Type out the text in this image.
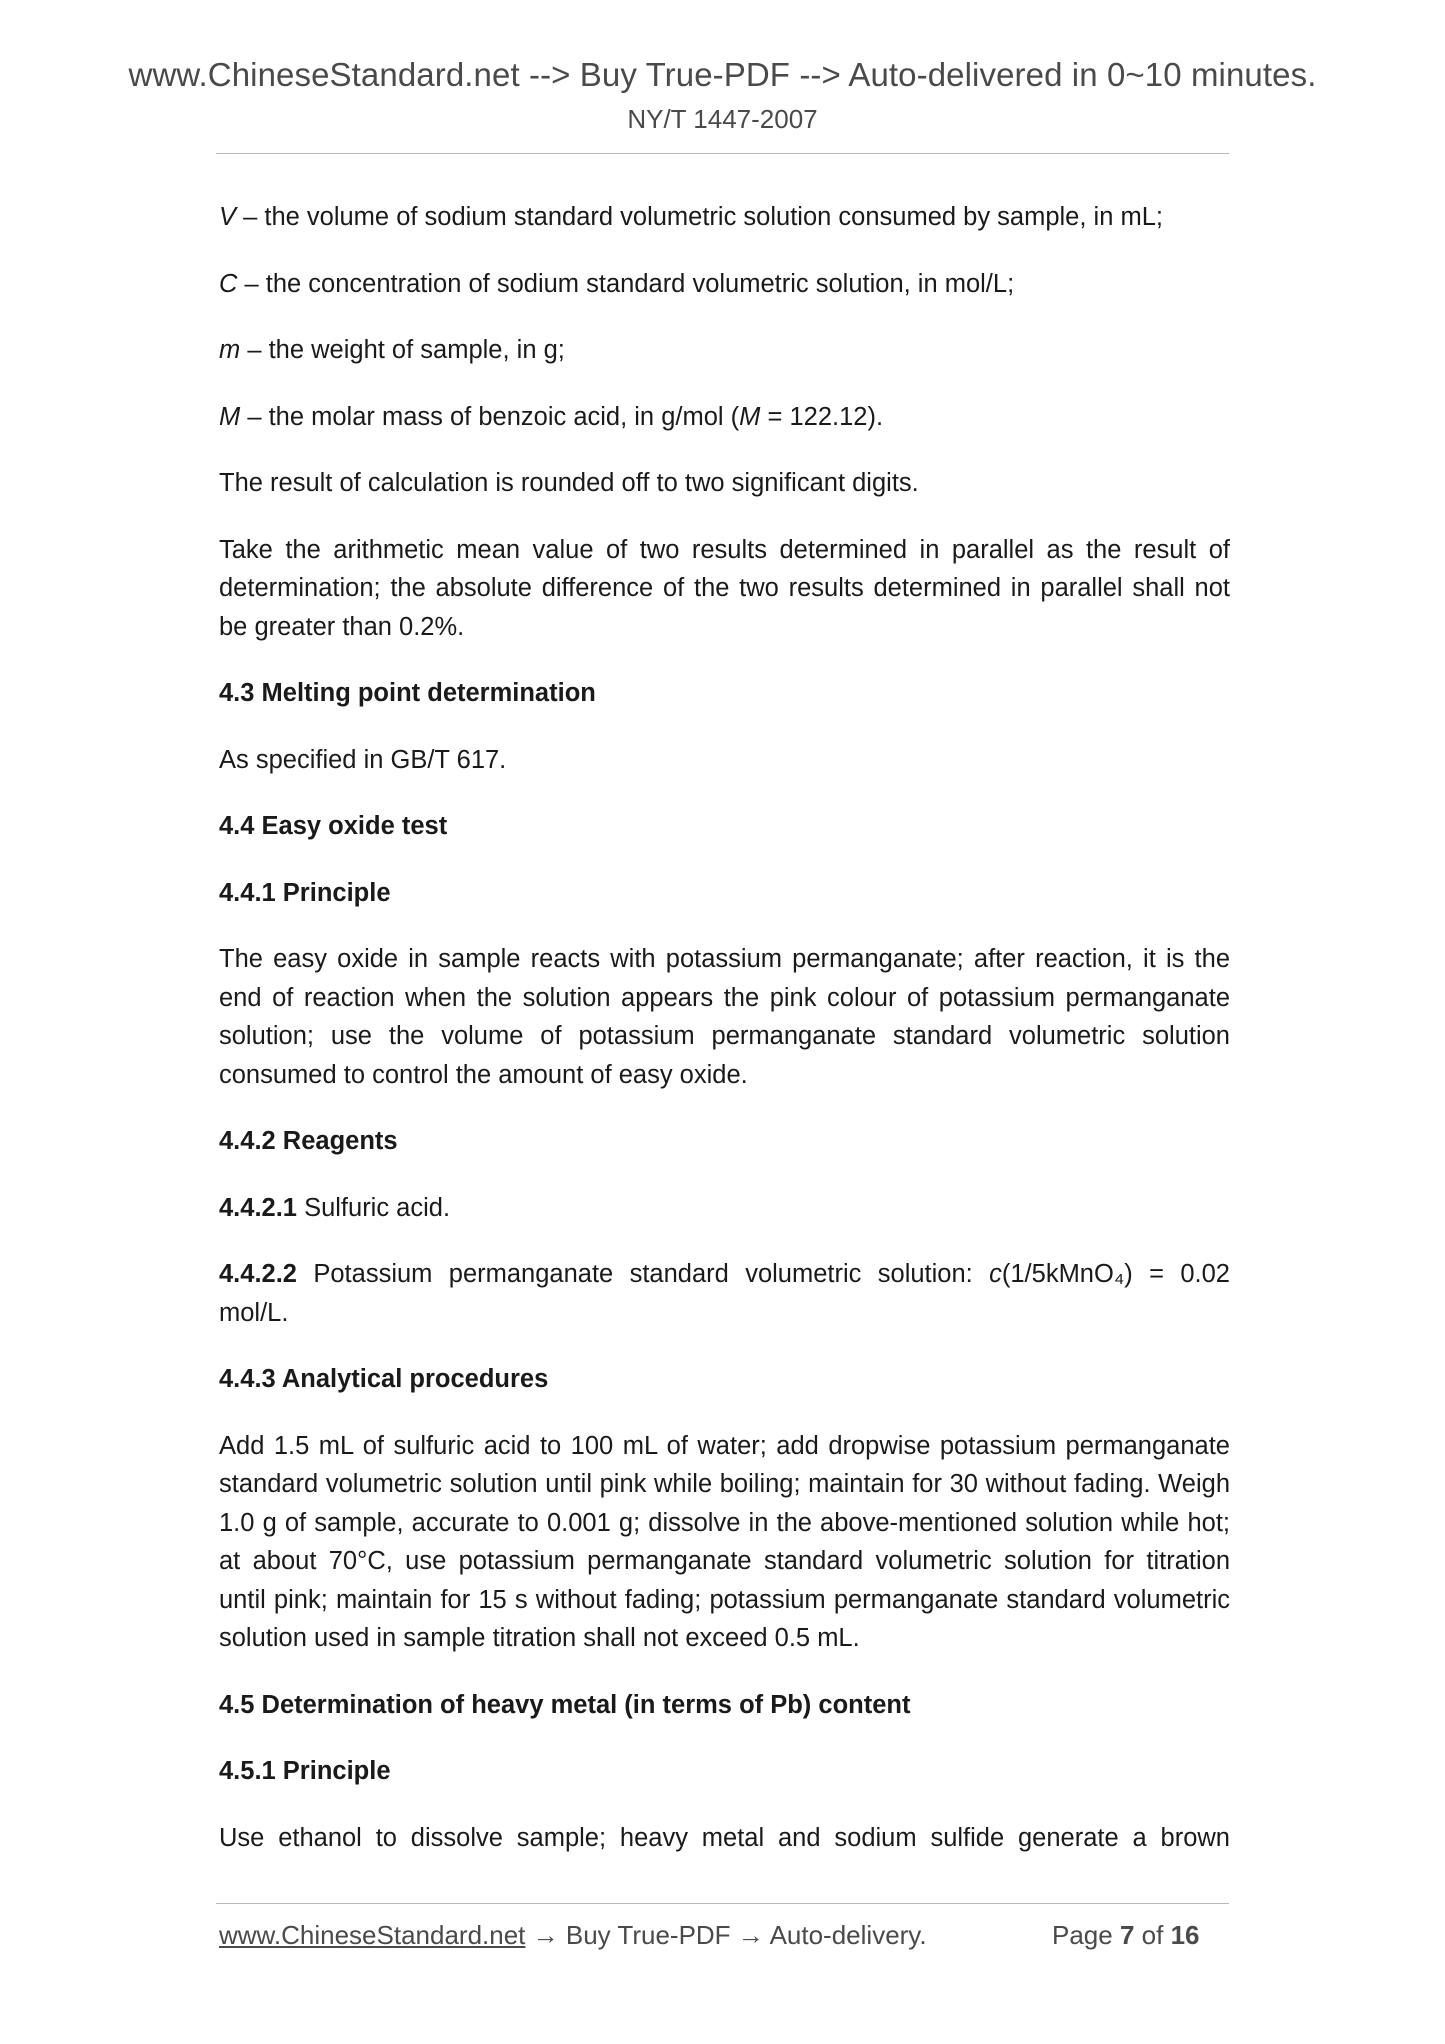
www.ChineseStandard.net --> Buy True-PDF --> Auto-delivered in 0~10 minutes.
NY/T 1447-2007

V – the volume of sodium standard volumetric solution consumed by sample, in mL;

C – the concentration of sodium standard volumetric solution, in mol/L;

m – the weight of sample, in g;

M – the molar mass of benzoic acid, in g/mol (M = 122.12).

The result of calculation is rounded off to two significant digits.

Take the arithmetic mean value of two results determined in parallel as the result of determination; the absolute difference of the two results determined in parallel shall not be greater than 0.2%.

4.3 Melting point determination

As specified in GB/T 617.

4.4 Easy oxide test
4.4.1 Principle

The easy oxide in sample reacts with potassium permanganate; after reaction, it is the end of reaction when the solution appears the pink colour of potassium permanganate solution; use the volume of potassium permanganate standard volumetric solution consumed to control the amount of easy oxide.

4.4.2 Reagents

4.4.2.1 Sulfuric acid.

4.4.2.2 Potassium permanganate standard volumetric solution: c(1/5kMnO₄) = 0.02 mol/L.

4.4.3 Analytical procedures

Add 1.5 mL of sulfuric acid to 100 mL of water; add dropwise potassium permanganate standard volumetric solution until pink while boiling; maintain for 30 without fading. Weigh 1.0 g of sample, accurate to 0.001 g; dissolve in the above-mentioned solution while hot; at about 70°C, use potassium permanganate standard volumetric solution for titration until pink; maintain for 15 s without fading; potassium permanganate standard volumetric solution used in sample titration shall not exceed 0.5 mL.

4.5 Determination of heavy metal (in terms of Pb) content
4.5.1 Principle

Use ethanol to dissolve sample; heavy metal and sodium sulfide generate a brown

www.ChineseStandard.net → Buy True-PDF → Auto-delivery.	Page 7 of 16
